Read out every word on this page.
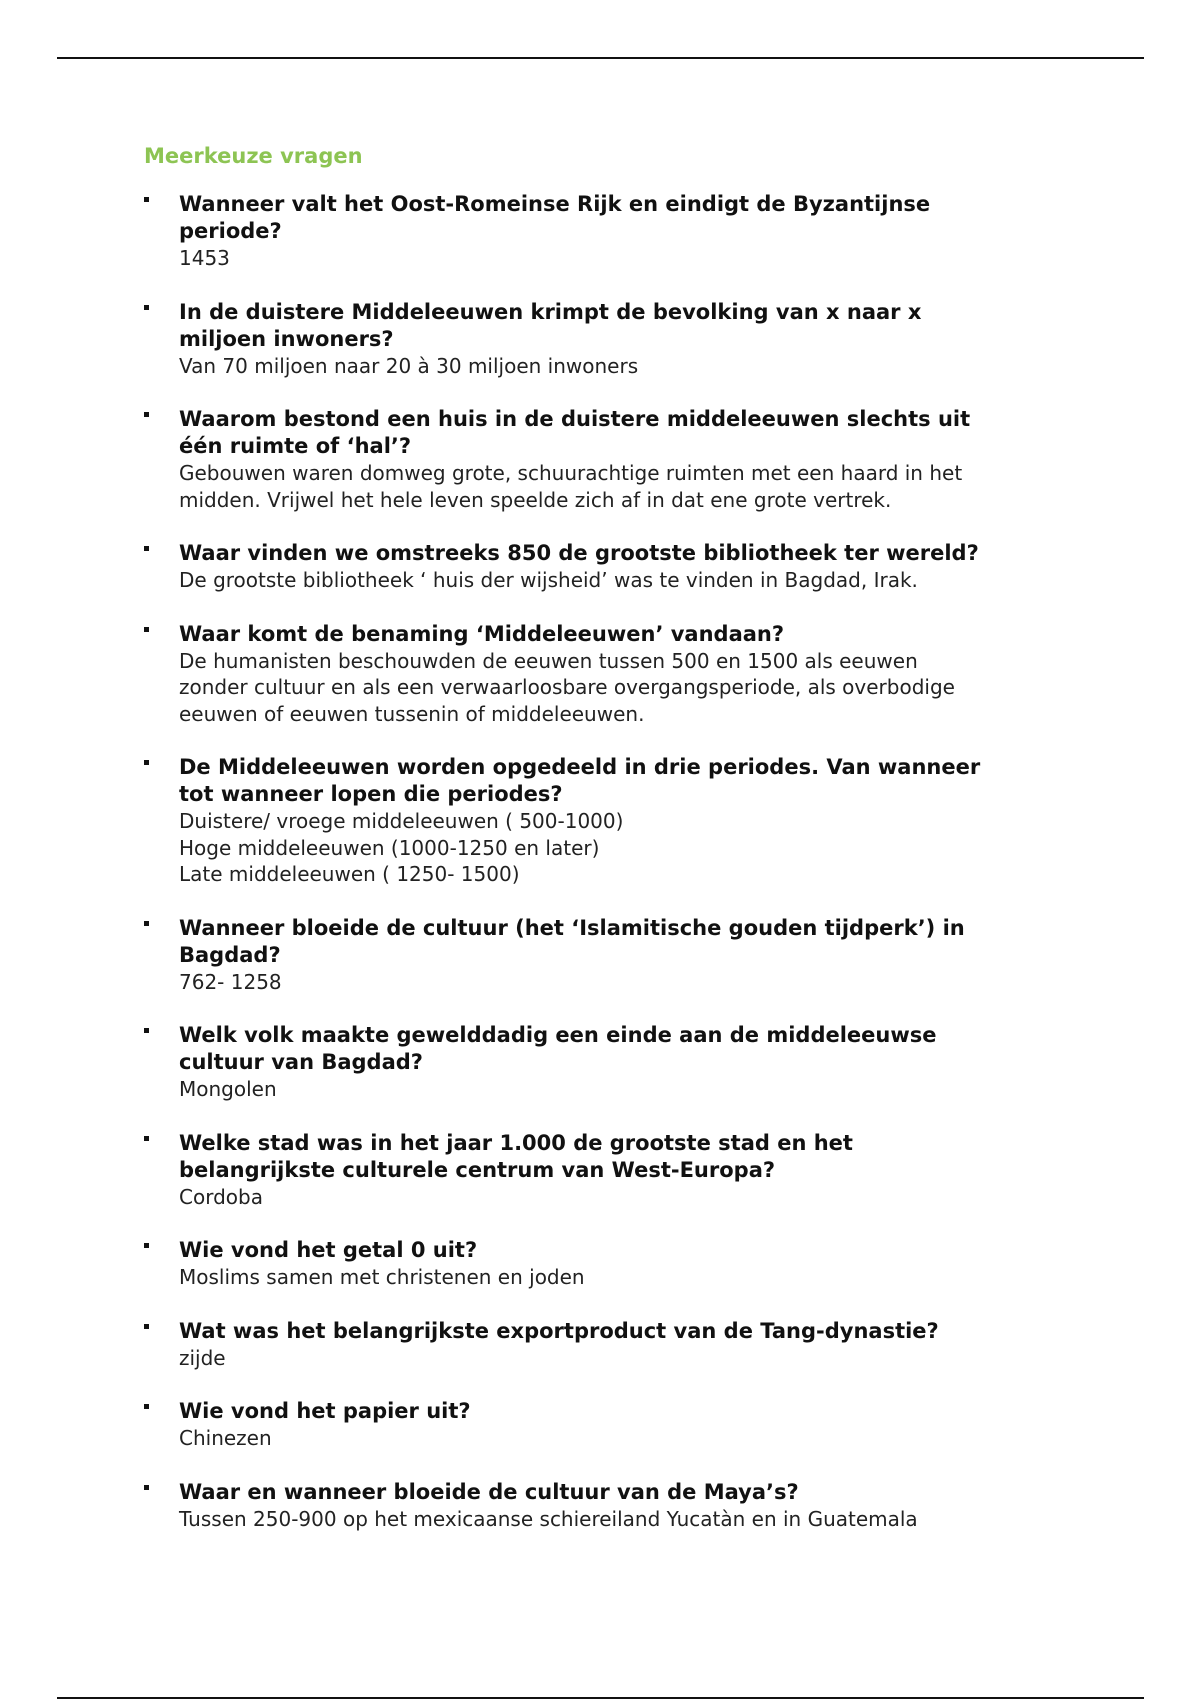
Meerkeuze vragen
Wanneer valt het Oost-Romeinse Rijk en eindigt de Byzantijnse
periode?
1453
In de duistere Middeleeuwen krimpt de bevolking van x naar x
miljoen inwoners?
Van 70 miljoen naar 20 à 30 miljoen inwoners
Waarom bestond een huis in de duistere middeleeuwen slechts uit
één ruimte of ‘hal’?
Gebouwen waren domweg grote, schuurachtige ruimten met een haard in het
midden. Vrijwel het hele leven speelde zich af in dat ene grote vertrek.
Waar vinden we omstreeks 850 de grootste bibliotheek ter wereld?
De grootste bibliotheek ‘ huis der wijsheid’ was te vinden in Bagdad, Irak.
Waar komt de benaming ‘Middeleeuwen’ vandaan?
De humanisten beschouwden de eeuwen tussen 500 en 1500 als eeuwen
zonder cultuur en als een verwaarloosbare overgangsperiode, als overbodige
eeuwen of eeuwen tussenin of middeleeuwen.
De Middeleeuwen worden opgedeeld in drie periodes. Van wanneer
tot wanneer lopen die periodes?
Duistere/ vroege middeleeuwen ( 500-1000)
Hoge middeleeuwen (1000-1250 en later)
Late middeleeuwen ( 1250- 1500)
Wanneer bloeide de cultuur (het ‘Islamitische gouden tijdperk’) in
Bagdad?
762- 1258
Welk volk maakte gewelddadig een einde aan de middeleeuwse
cultuur van Bagdad?
Mongolen
Welke stad was in het jaar 1.000 de grootste stad en het
belangrijkste culturele centrum van West-Europa?
Cordoba
Wie vond het getal 0 uit?
Moslims samen met christenen en joden
Wat was het belangrijkste exportproduct van de Tang-dynastie?
zijde
Wie vond het papier uit?
Chinezen
Waar en wanneer bloeide de cultuur van de Maya’s?
Tussen 250-900 op het mexicaanse schiereiland Yucatàn en in Guatemala
